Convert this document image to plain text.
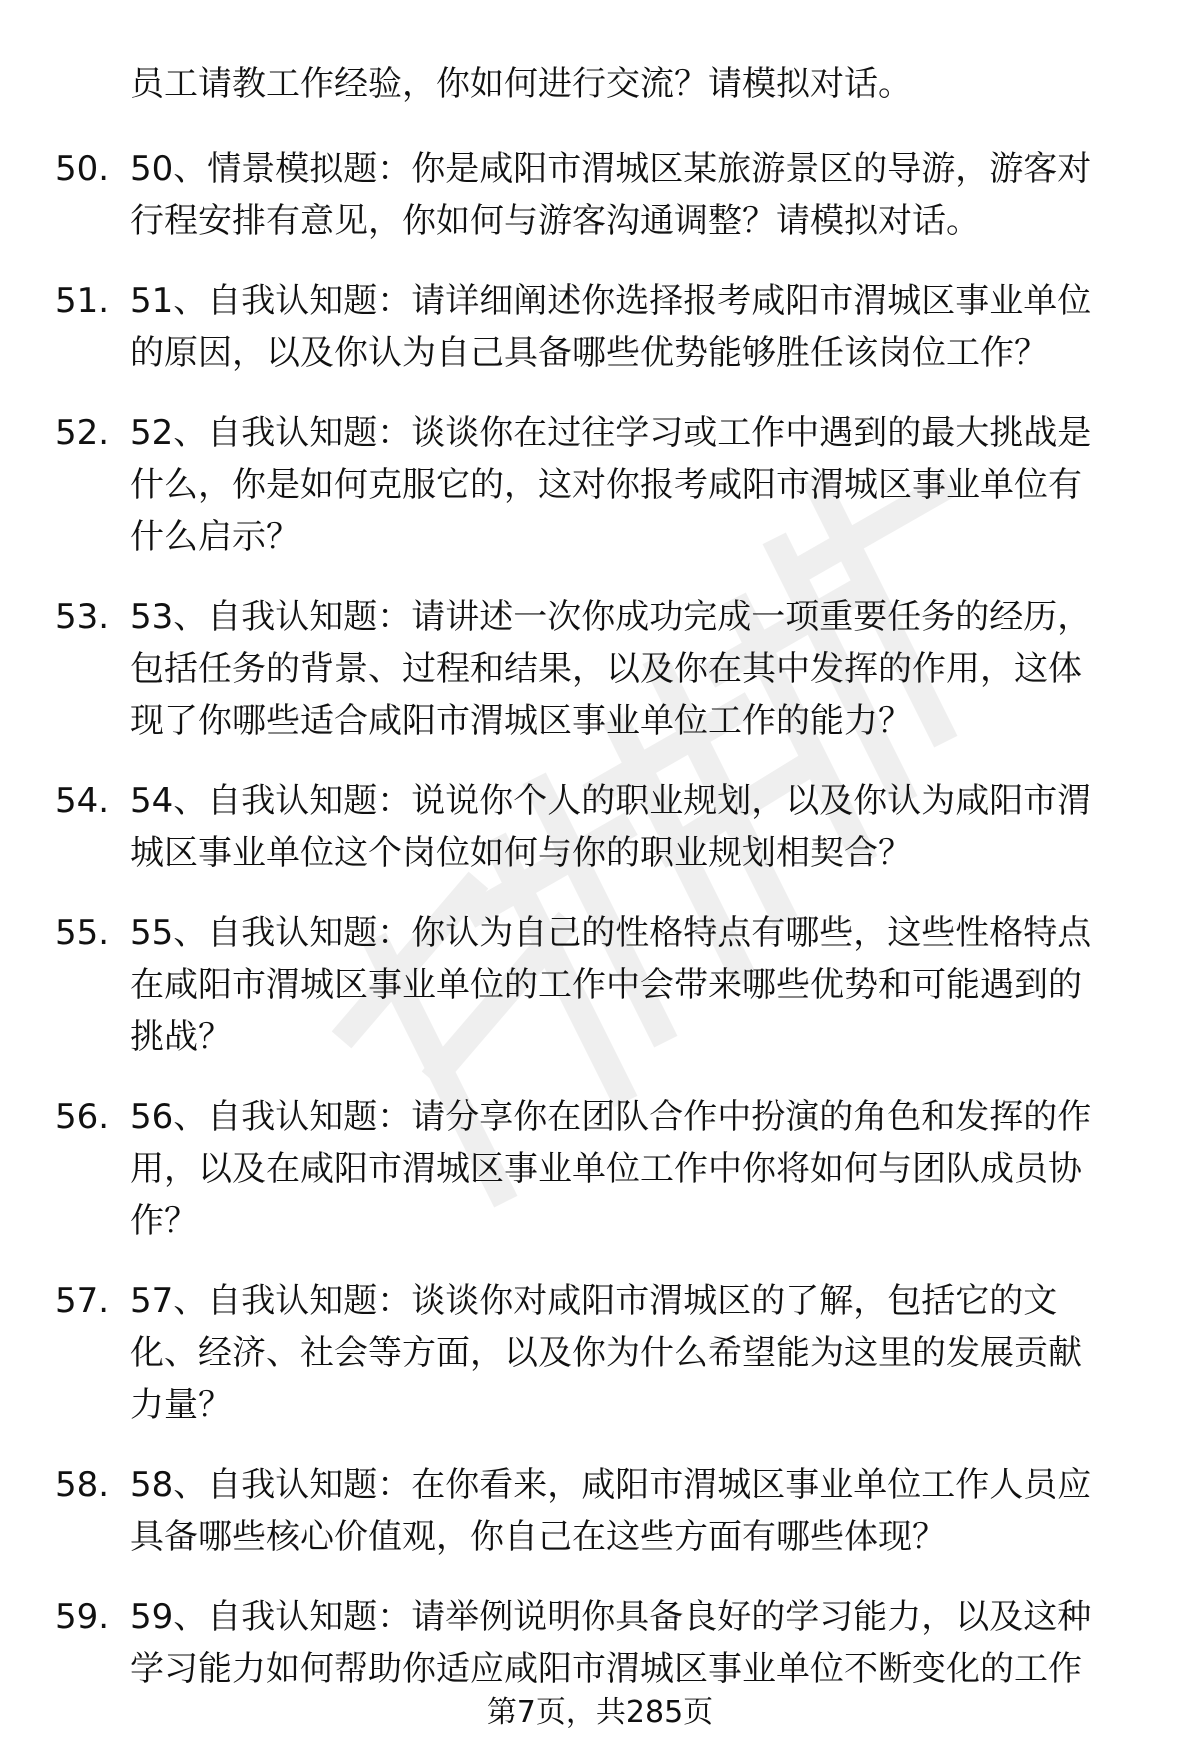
员工请教工作经验，你如何进行交流？请模拟对话。
50. 50、情景模拟题：你是咸阳市渭城区某旅游景区的导游，游客对
行程安排有意见，你如何与游客沟通调整？请模拟对话。
51. 51、自我认知题：请详细阐述你选择报考咸阳市渭城区事业单位
的原因，以及你认为自己具备哪些优势能够胜任该岗位工作？
52. 52、自我认知题：谈谈你在过往学习或工作中遇到的最大挑战是
什么，你是如何克服它的，这对你报考咸阳市渭城区事业单位有
什么启示？
53. 53、自我认知题：请讲述一次你成功完成一项重要任务的经历，
包括任务的背景、过程和结果，以及你在其中发挥的作用，这体
现了你哪些适合咸阳市渭城区事业单位工作的能力？
54. 54、自我认知题：说说你个人的职业规划，以及你认为咸阳市渭
城区事业单位这个岗位如何与你的职业规划相契合？
55. 55、自我认知题：你认为自己的性格特点有哪些，这些性格特点
在咸阳市渭城区事业单位的工作中会带来哪些优势和可能遇到的
挑战？
56. 56、自我认知题：请分享你在团队合作中扮演的角色和发挥的作
用，以及在咸阳市渭城区事业单位工作中你将如何与团队成员协
作？
57. 57、自我认知题：谈谈你对咸阳市渭城区的了解，包括它的文
化、经济、社会等方面，以及你为什么希望能为这里的发展贡献
力量？
58. 58、自我认知题：在你看来，咸阳市渭城区事业单位工作人员应
具备哪些核心价值观，你自己在这些方面有哪些体现？
59. 59、自我认知题：请举例说明你具备良好的学习能力，以及这种
学习能力如何帮助你适应咸阳市渭城区事业单位不断变化的工作
第7页，共285页
